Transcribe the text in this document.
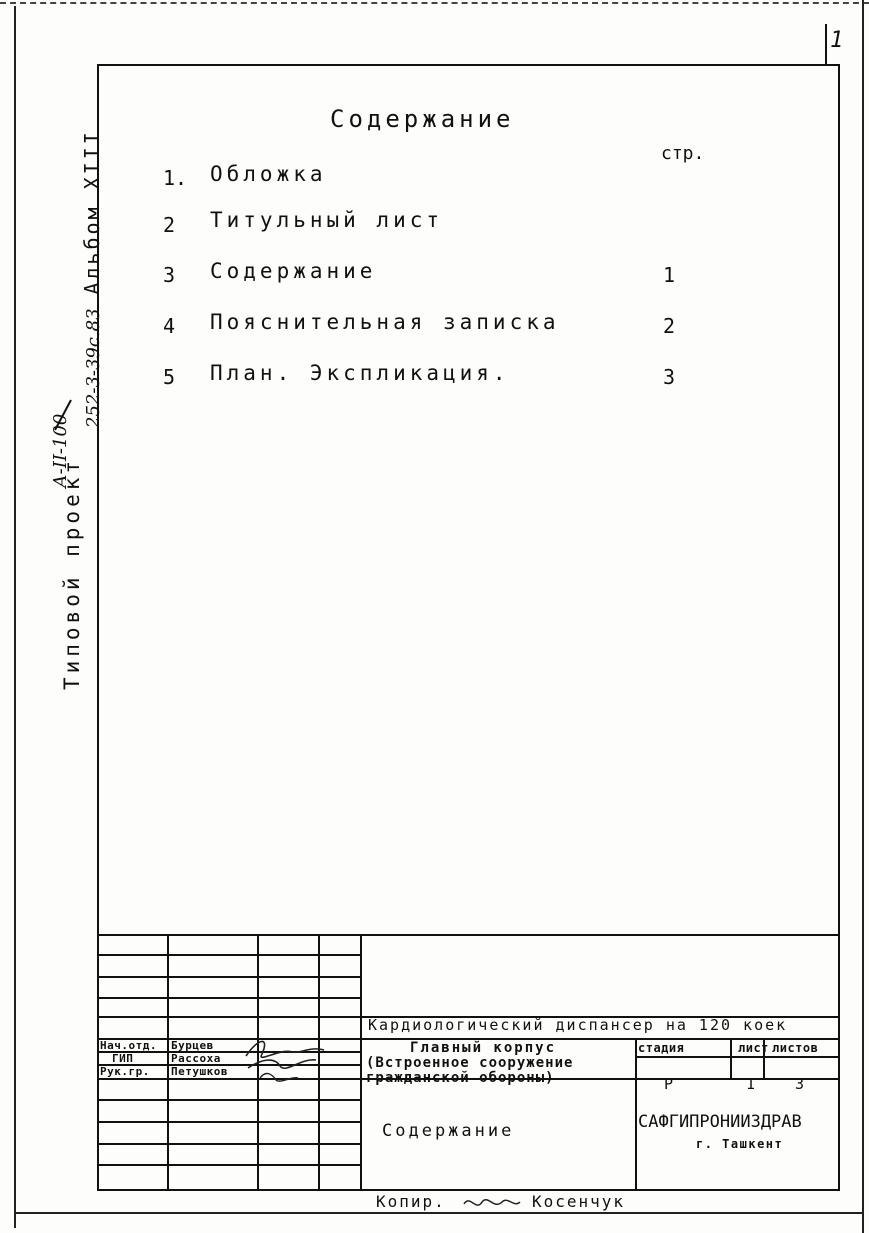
1
Типовой проект
А-II-100
252-3-39с.83 Альбом XIII
Содержание
стр.
1. Обложка
2 Титульный лист
3 Содержание	1
4 Пояснительная записка	2
5 План. Экспликация.	3
Кардиологический диспансер на 120 коек
Главный корпус
(Встроенное сооружение
гражданской обороны)
стадия	лист листов
Р	1	3
Содержание	САФГИПРОНИИЗДРАВ
г. Ташкент
Нач.отд. Бурцев
ГИП	Рассоха
Рук.гр. Петушков
Копир.	Косенчук
